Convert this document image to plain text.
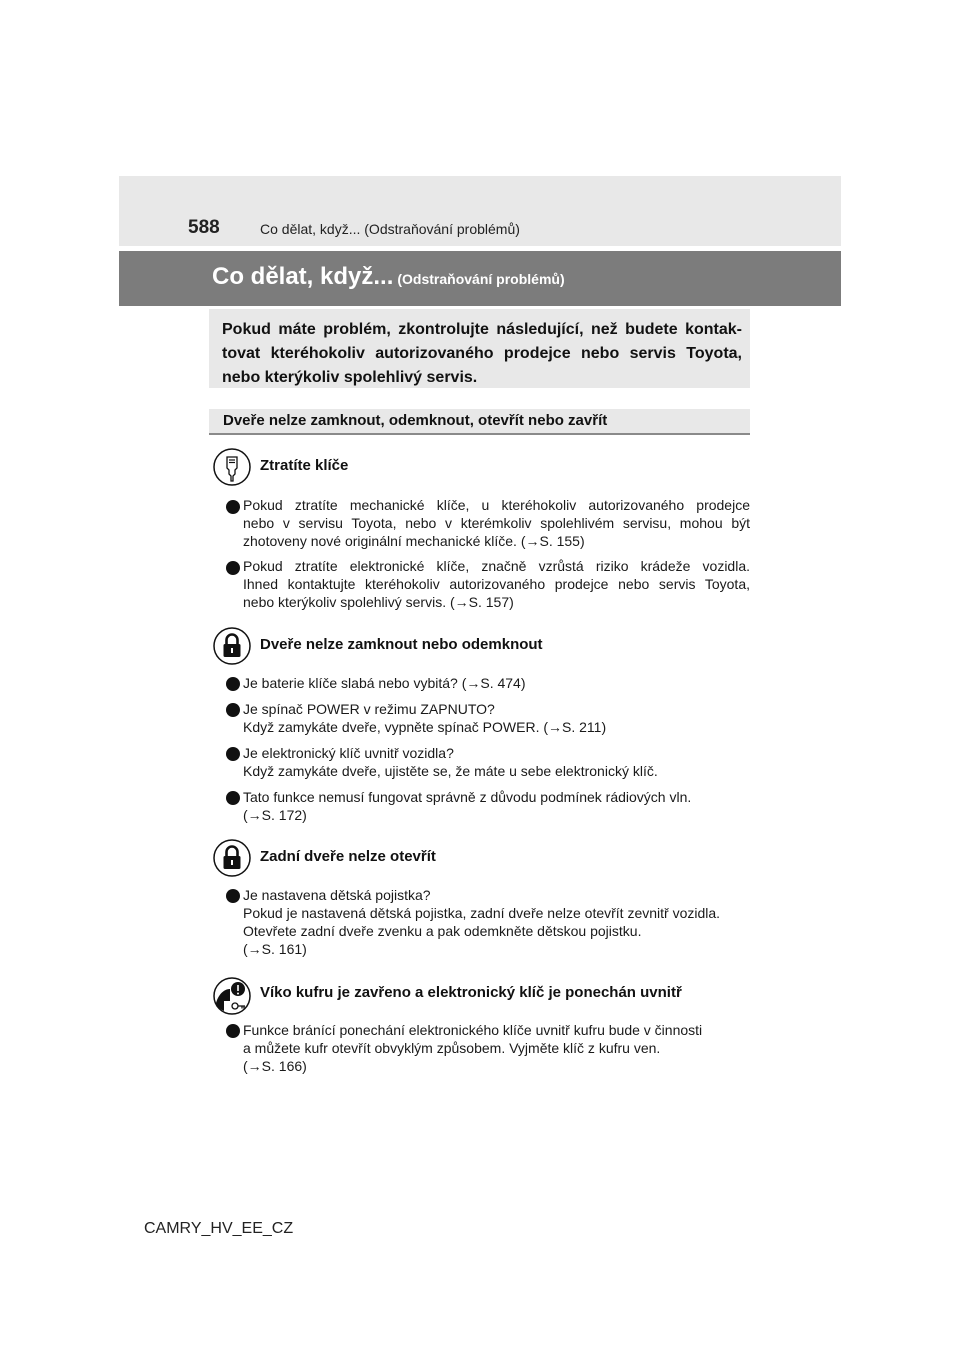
588	Co dělat, když... (Odstraňování problémů)
Co dělat, když... (Odstraňování problémů)
Pokud máte problém, zkontrolujte následující, než budete kontak-
tovat kteréhokoliv autorizovaného prodejce nebo servis Toyota,
nebo kterýkoliv spolehlivý servis.
Dveře nelze zamknout, odemknout, otevřít nebo zavřít
Ztratíte klíče
Pokud ztratíte mechanické klíče, u kteréhokoliv autorizovaného prodejce
nebo v servisu Toyota, nebo v kterémkoliv spolehlivém servisu, mohou být
zhotoveny nové originální mechanické klíče. (→S. 155)
Pokud ztratíte elektronické klíče, značně vzrůstá riziko krádeže vozidla.
Ihned kontaktujte kteréhokoliv autorizovaného prodejce nebo servis Toyota,
nebo kterýkoliv spolehlivý servis. (→S. 157)
Dveře nelze zamknout nebo odemknout
Je baterie klíče slabá nebo vybitá? (→S. 474)
Je spínač POWER v režimu ZAPNUTO?
Když zamykáte dveře, vypněte spínač POWER. (→S. 211)
Je elektronický klíč uvnitř vozidla?
Když zamykáte dveře, ujistěte se, že máte u sebe elektronický klíč.
Tato funkce nemusí fungovat správně z důvodu podmínek rádiových vln.
(→S. 172)
Zadní dveře nelze otevřít
Je nastavena dětská pojistka?
Pokud je nastavená dětská pojistka, zadní dveře nelze otevřít zevnitř vozidla.
Otevřete zadní dveře zvenku a pak odemkněte dětskou pojistku.
(→S. 161)
Víko kufru je zavřeno a elektronický klíč je ponechán uvnitř
Funkce bránící ponechání elektronického klíče uvnitř kufru bude v činnosti
a můžete kufr otevřít obvyklým způsobem. Vyjměte klíč z kufru ven.
(→S. 166)
CAMRY_HV_EE_CZ
